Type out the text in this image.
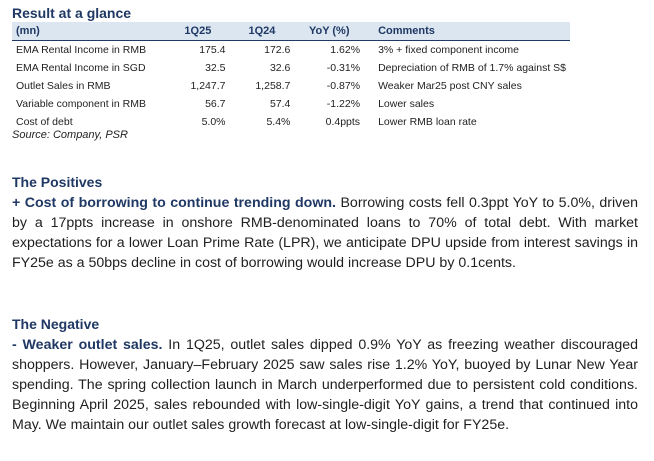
Result at a glance
(mn)	1Q25	1Q24	YoY (%)	Comments
EMA Rental Income in RMB	175.4	172.6	1.62%	3% + fixed component income
EMA Rental Income in SGD	32.5	32.6	-0.31%	Depreciation of RMB of 1.7% against S$
Outlet Sales in RMB	1,247.7	1,258.7	-0.87%	Weaker Mar25 post CNY sales
Variable component in RMB	56.7	57.4	-1.22%	Lower sales
Cost of debt	5.0%	5.4%	0.4ppts	Lower RMB loan rate
Source: Company, PSR
The Positives

+ Cost of borrowing to continue trending down. Borrowing costs fell 0.3ppt YoY to 5.0%, driven by a 17ppts increase in onshore RMB-denominated loans to 70% of total debt. With market expectations for a lower Loan Prime Rate (LPR), we anticipate DPU upside from interest savings in FY25e as a 50bps decline in cost of borrowing would increase DPU by 0.1cents.

The Negative

- Weaker outlet sales. In 1Q25, outlet sales dipped 0.9% YoY as freezing weather discouraged shoppers. However, January–February 2025 saw sales rise 1.2% YoY, buoyed by Lunar New Year spending. The spring collection launch in March underperformed due to persistent cold conditions. Beginning April 2025, sales rebounded with low-single-digit YoY gains, a trend that continued into May. We maintain our outlet sales growth forecast at low-single-digit for FY25e.
